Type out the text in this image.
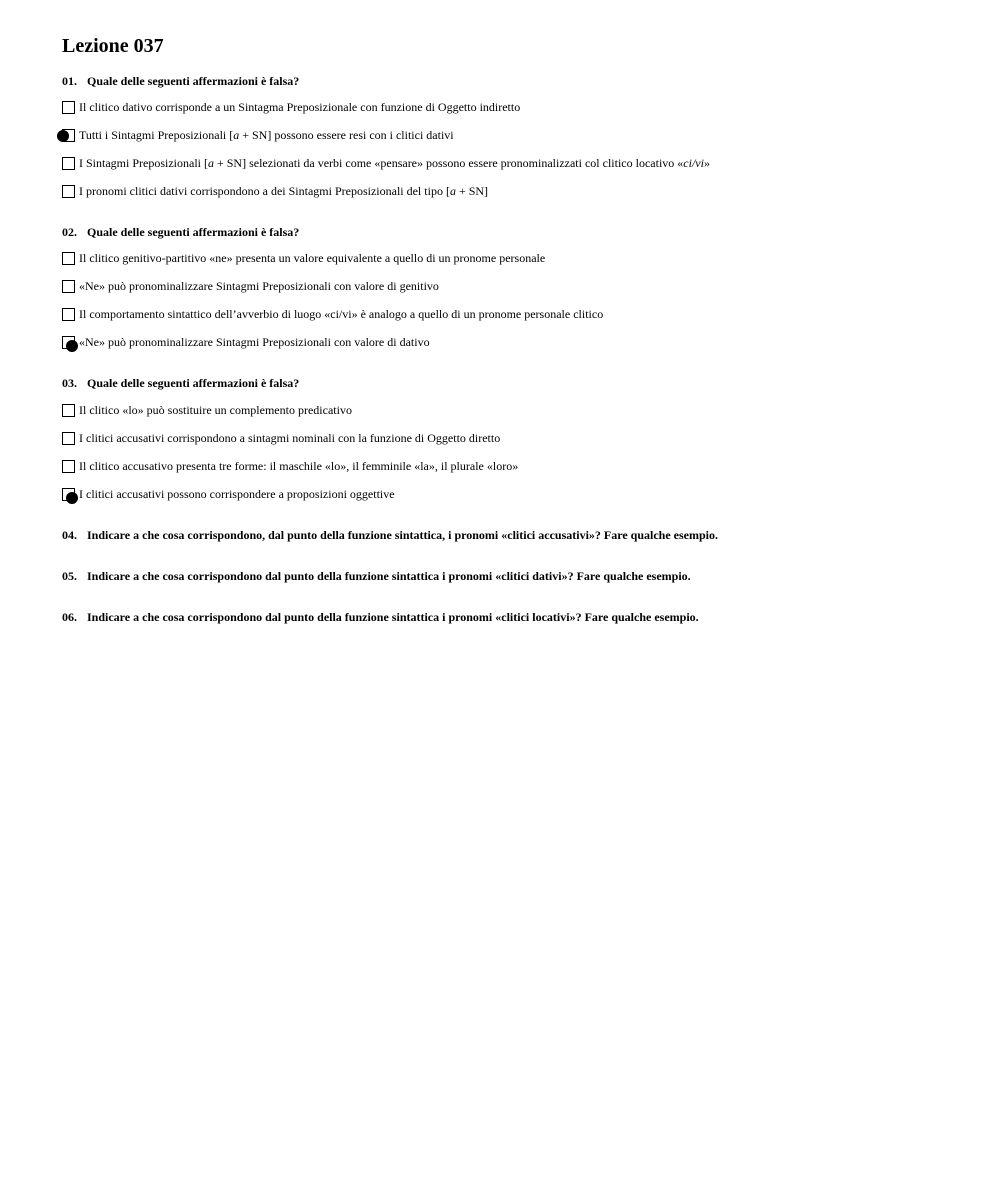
Lezione 037
01. Quale delle seguenti affermazioni è falsa?
Il clitico dativo corrisponde a un Sintagma Preposizionale con funzione di Oggetto indiretto
Tutti i Sintagmi Preposizionali [a + SN] possono essere resi con i clitici dativi
I Sintagmi Preposizionali [a + SN] selezionati da verbi come «pensare» possono essere pronominalizzati col clitico locativo «ci/vi»
I pronomi clitici dativi corrispondono a dei Sintagmi Preposizionali del tipo [a + SN]
02. Quale delle seguenti affermazioni è falsa?
Il clitico genitivo-partitivo «ne» presenta un valore equivalente a quello di un pronome personale
«Ne» può pronominalizzare Sintagmi Preposizionali con valore di genitivo
Il comportamento sintattico dell’avverbio di luogo «ci/vi» è analogo a quello di un pronome personale clitico
«Ne» può pronominalizzare Sintagmi Preposizionali con valore di dativo
03. Quale delle seguenti affermazioni è falsa?
Il clitico «lo» può sostituire un complemento predicativo
I clitici accusativi corrispondono a sintagmi nominali con la funzione di Oggetto diretto
Il clitico accusativo presenta tre forme: il maschile «lo», il femminile «la», il plurale «loro»
I clitici accusativi possono corrispondere a proposizioni oggettive
04. Indicare a che cosa corrispondono, dal punto della funzione sintattica, i pronomi «clitici accusativi»? Fare qualche esempio.
05. Indicare a che cosa corrispondono dal punto della funzione sintattica i pronomi «clitici dativi»? Fare qualche esempio.
06. Indicare a che cosa corrispondono dal punto della funzione sintattica i pronomi «clitici locativi»? Fare qualche esempio.
